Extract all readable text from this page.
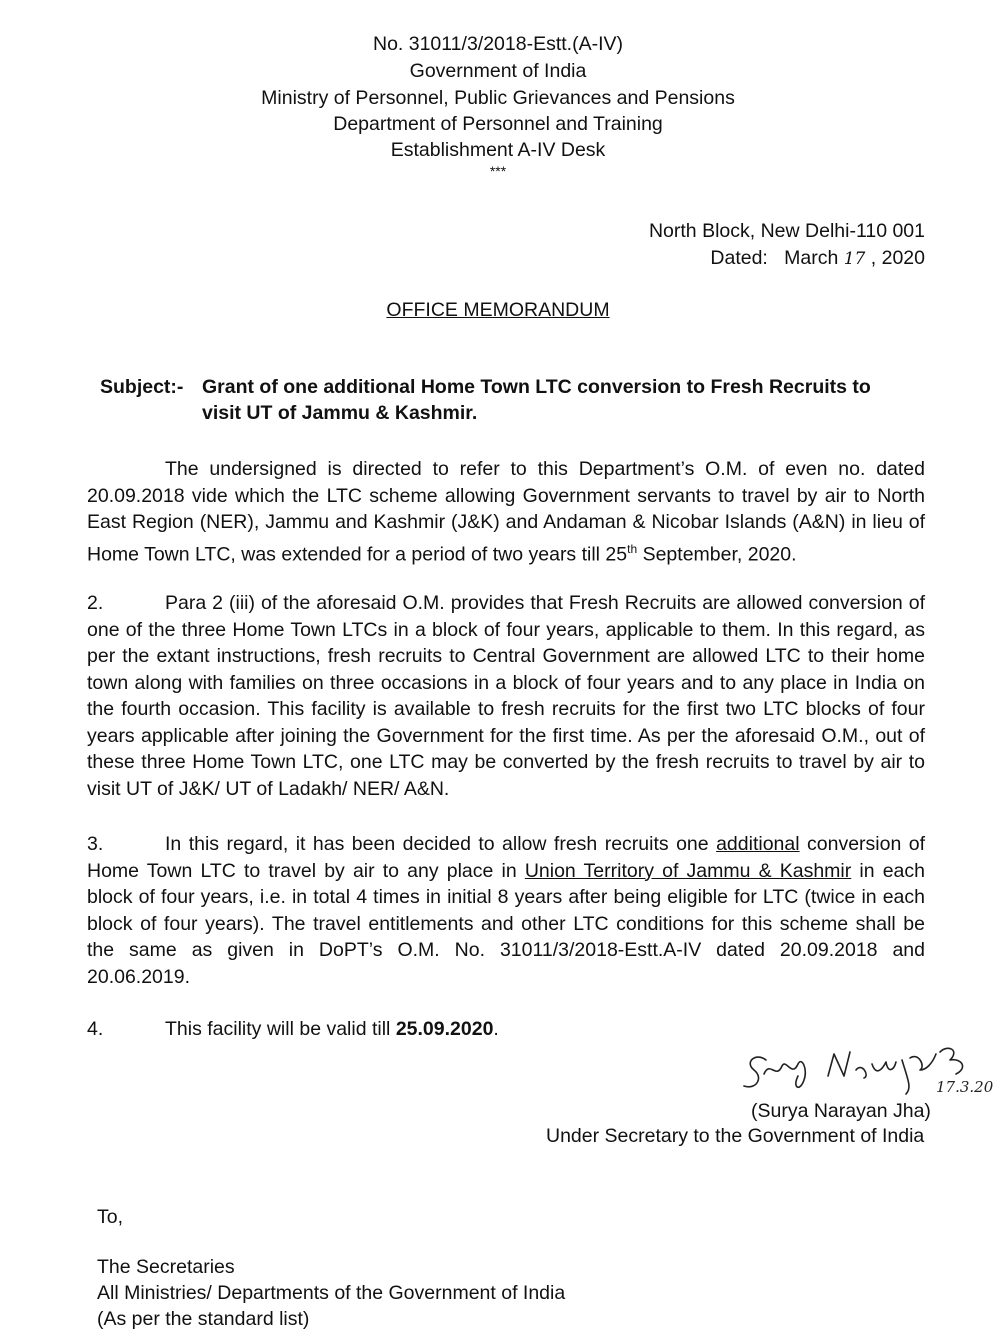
No. 31011/3/2018-Estt.(A-IV)
Government of India
Ministry of Personnel, Public Grievances and Pensions
Department of Personnel and Training
Establishment A-IV Desk
***
North Block, New Delhi-110 001
Dated: March 17 , 2020
OFFICE MEMORANDUM
Subject:- Grant of one additional Home Town LTC conversion to Fresh Recruits to
visit UT of Jammu & Kashmir.
The undersigned is directed to refer to this Department’s O.M. of even no. dated 20.09.2018 vide which the LTC scheme allowing Government servants to travel by air to North East Region (NER), Jammu and Kashmir (J&K) and Andaman & Nicobar Islands (A&N) in lieu of Home Town LTC, was extended for a period of two years till 25th September, 2020.
2.	Para 2 (iii) of the aforesaid O.M. provides that Fresh Recruits are allowed conversion of one of the three Home Town LTCs in a block of four years, applicable to them. In this regard, as per the extant instructions, fresh recruits to Central Government are allowed LTC to their home town along with families on three occasions in a block of four years and to any place in India on the fourth occasion. This facility is available to fresh recruits for the first two LTC blocks of four years applicable after joining the Government for the first time. As per the aforesaid O.M., out of these three Home Town LTC, one LTC may be converted by the fresh recruits to travel by air to visit UT of J&K/ UT of Ladakh/ NER/ A&N.
3.	In this regard, it has been decided to allow fresh recruits one additional conversion of Home Town LTC to travel by air to any place in Union Territory of Jammu & Kashmir in each block of four years, i.e. in total 4 times in initial 8 years after being eligible for LTC (twice in each block of four years). The travel entitlements and other LTC conditions for this scheme shall be the same as given in DoPT’s O.M. No. 31011/3/2018-Estt.A-IV dated 20.09.2018 and 20.06.2019.
4.	This facility will be valid till 25.09.2020.
17.3.20
(Surya Narayan Jha)
Under Secretary to the Government of India
To,
The Secretaries
All Ministries/ Departments of the Government of India
(As per the standard list)
